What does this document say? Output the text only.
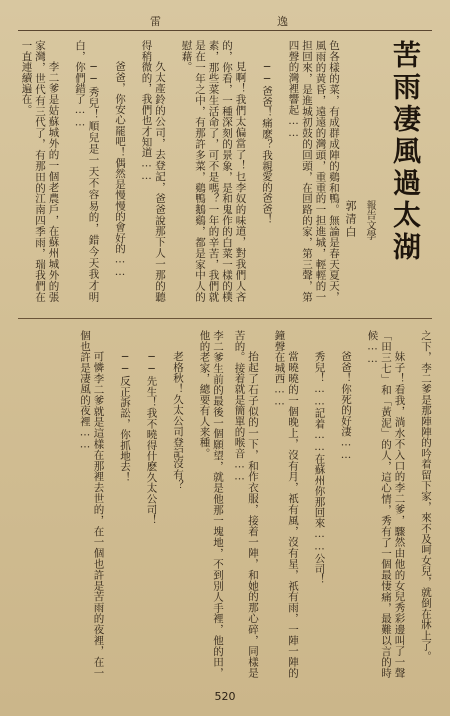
雷	逸
苦雨凄風過太湖
報告文學
郭清白

色各樣的菜，有成群成陣的鷄和鴨。無論是春天夏天，風雨的黄昏，遠遠的灣頭，重重的一担進城，輕輕的一担回來，是進城初鼓的回頭，在回路的家，第三聲，第四聲的灣裡響起……

──爸爸！痛麽？我親愛的爸爸！

見啊！我們太偏當了！乜李奴的味道，對我們人吝的，你看，一種深刻的景象，是和鬼作的白菜一樣的樸素，那些菜生活命了，可不是嗎？一年的辛苦，我們就是在一年之中，有那許多菜，鷄鴨鵝鷄，都是家中人的慰藉。

久太產鈴的公司，去登記，爸爸說那下人一那的聽得稍微的，我們也才知道……

爸爸，你安心罷吧！偶然是慢慢的會好的……

──秀兒！順兒是一天不容易的，錯今天我才明白，你們錯了……

李二爹是姑蘇城外的一個老農戶，在蘇州城外的張家灣，世代有三代了，有那田的江南四季雨，瑞我們在一直連續遍在。

之下，李二爹是那陣陣的吟着留下家，來不及呵女兒，就倒在牀上了。

妹子！看我，淌水不入口的李二爹，驟然由他的女兒秀彩邊叫了一聲「田三七」和「黃泥」的人，這心情，秀有了一個最悽痛，最難以言的時候……

爸爸！你死的好淒……

秀兒！……記着……在蘇州你那回來……公司！

當曉曉的一個晚上，沒有月，祇有風，沒有星，祇有雨，一陣一陣的鐘聲在城西……

抬起了石子似的一下，和作衣服，接着一陣，和她的那心碎，同樣是苦的。接着就是簡單的喉音……

李二爹生前的最後一個願望，就是他那一塊地，不到別人手裡，他的田，他的老家，總要有人来種。

老格秋！久太公司登記沒有？

──先生！我不曉得什麽久太公司！

──反正訴訟，你抓地去！

可憐李二爹就是這樣在那裡去世的，在一個也許是苦雨的夜裡，在一個也許是凄風的夜裡……

520
